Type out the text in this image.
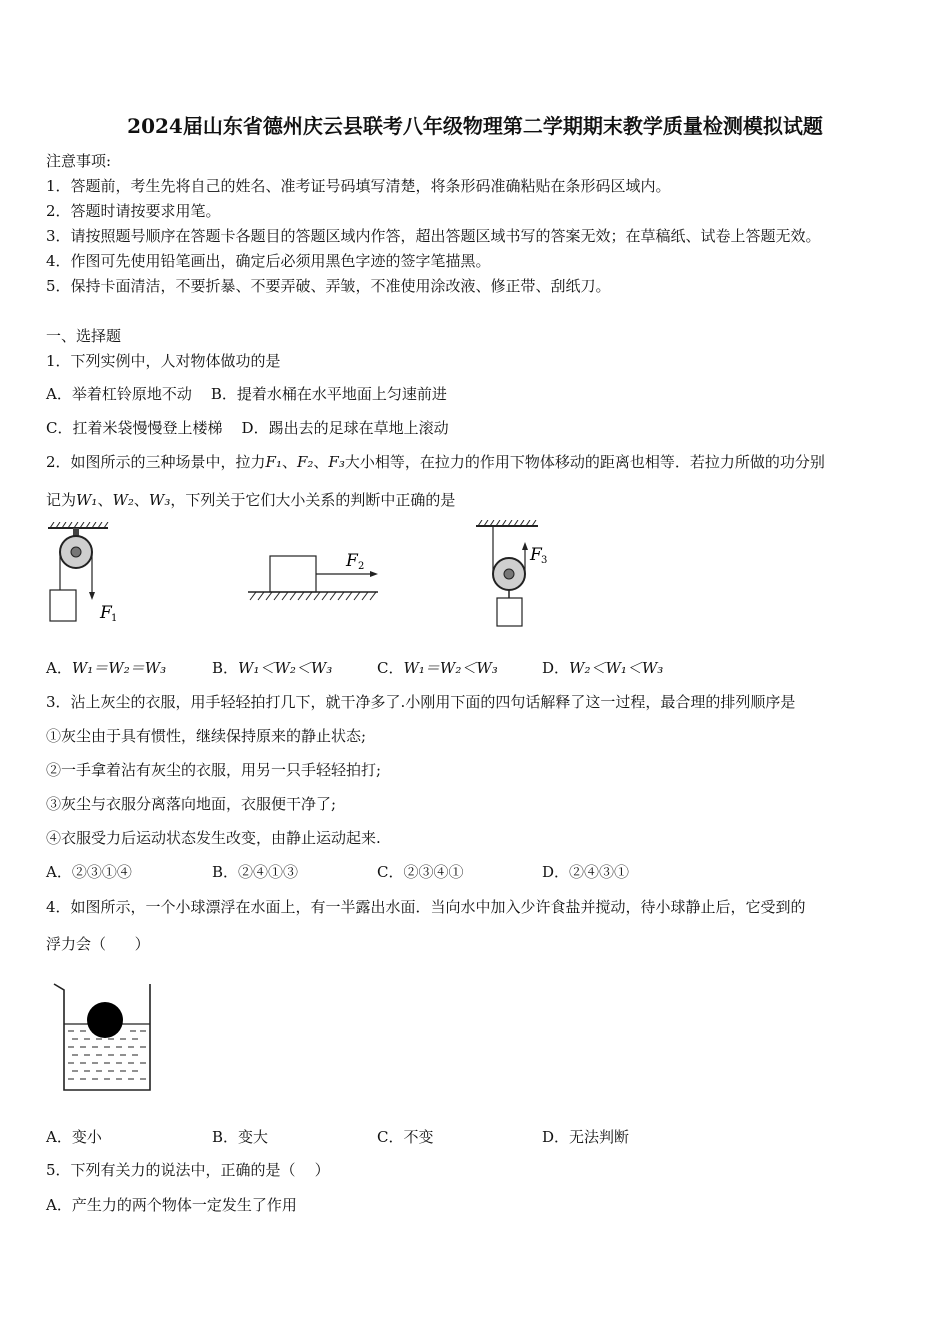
2024届山东省德州庆云县联考八年级物理第二学期期末教学质量检测模拟试题
注意事项:
1．答题前，考生先将自己的姓名、准考证号码填写清楚，将条形码准确粘贴在条形码区域内。
2．答题时请按要求用笔。
3．请按照题号顺序在答题卡各题目的答题区域内作答，超出答题区域书写的答案无效；在草稿纸、试卷上答题无效。
4．作图可先使用铅笔画出，确定后必须用黑色字迹的签字笔描黑。
5．保持卡面清洁，不要折暴、不要弄破、弄皱，不准使用涂改液、修正带、刮纸刀。
一、选择题
1．下列实例中，人对物体做功的是
A．举着杠铃原地不动    B．提着水桶在水平地面上匀速前进
C．扛着米袋慢慢登上楼梯    D．踢出去的足球在草地上滚动
2．如图所示的三种场景中，拉力F₁、F₂、F₃大小相等，在拉力的作用下物体移动的距离也相等．若拉力所做的功分别
记为W₁、W₂、W₃，下列关于它们大小关系的判断中正确的是
F 1
F 2
F 3
A．W₁＝W₂＝W₃	B．W₁＜W₂＜W₃	C．W₁＝W₂＜W₃	D．W₂＜W₁＜W₃
3．沾上灰尘的衣服，用手轻轻拍打几下，就干净多了.小刚用下面的四句话解释了这一过程，最合理的排列顺序是
①灰尘由于具有惯性，继续保持原来的静止状态;
②一手拿着沾有灰尘的衣服，用另一只手轻轻拍打;
③灰尘与衣服分离落向地面，衣服便干净了;
④衣服受力后运动状态发生改变，由静止运动起来.
A．②③①④	B．②④①③	C．②③④①	D．②④③①
4．如图所示，一个小球漂浮在水面上，有一半露出水面．当向水中加入少许食盐并搅动，待小球静止后，它受到的
浮力会（      ）
A．变小	B．变大	C．不变	D．无法判断
5．下列有关力的说法中，正确的是（    ）
A．产生力的两个物体一定发生了作用
